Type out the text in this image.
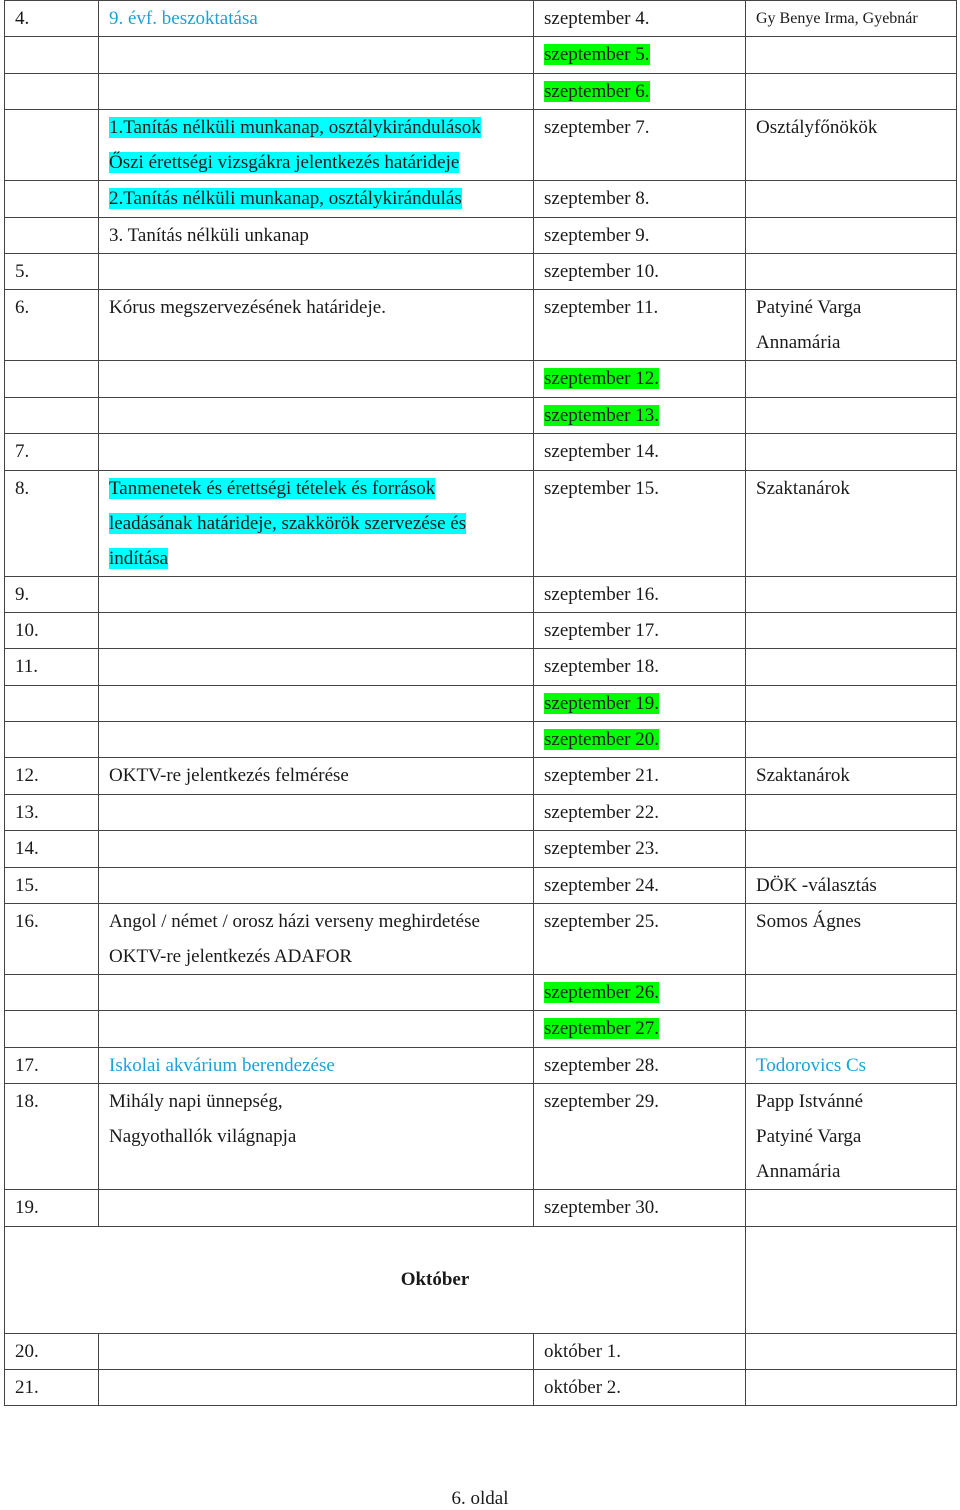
4.	9. évf. beszoktatása	szeptember 4.	Gy Benye Irma, Gyebnár
		szeptember 5.	
		szeptember 6.	

	1.Tanítás nélküli munkanap, osztálykirándulások
Őszi érettségi vizsgákra jelentkezés határideje	szeptember 7.	Osztályfőnökök
	2.Tanítás nélküli munkanap, osztálykirándulás	szeptember 8.	
	3. Tanítás nélküli unkanap	szeptember 9.	
5.		szeptember 10.	
6.	Kórus megszervezésének határideje.	szeptember 11.	Patyiné Varga
Annamária

		szeptember 12.	
		szeptember 13.	
7.		szeptember 14.	
8.	Tanmenetek és érettségi tételek és források
leadásának határideje, szakkörök szervezése és
indítása	szeptember 15.	Szaktanárok
9.		szeptember 16.	
10.		szeptember 17.	
11.		szeptember 18.	
		szeptember 19.	
		szeptember 20.	
12.	OKTV-re jelentkezés felmérése	szeptember 21.	Szaktanárok
13.		szeptember 22.	
14.		szeptember 23.	
15.		szeptember 24.	DÖK -választás
16.	Angol / német / orosz házi verseny meghirdetése
OKTV-re jelentkezés ADAFOR	szeptember 25.	Somos Ágnes
		szeptember 26.	
		szeptember 27.	
17.	Iskolai akvárium berendezése	szeptember 28.	Todorovics Cs
18.	Mihály napi ünnepség,
Nagyothallók világnapja	szeptember 29.	Papp Istvánné
Patyiné Varga
Annamária

19.		szeptember 30.	

Október			

20.		október 1.	
21.		október 2.	
6. oldal
